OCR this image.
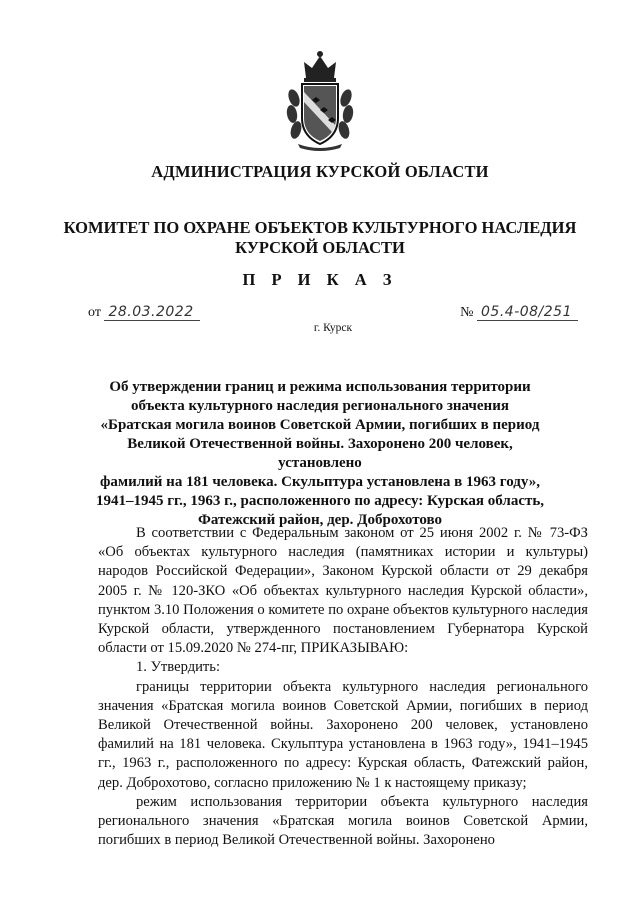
АДМИНИСТРАЦИЯ КУРСКОЙ ОБЛАСТИ
КОМИТЕТ ПО ОХРАНЕ ОБЪЕКТОВ КУЛЬТУРНОГО НАСЛЕДИЯ
КУРСКОЙ ОБЛАСТИ
П Р И К А З
от 28.03.2022	№ 05.4-08/251
г. Курск
Об утверждении границ и режима использования территории
объекта культурного наследия регионального значения
«Братская могила воинов Советской Армии, погибших в период
Великой Отечественной войны. Захоронено 200 человек, установлено
фамилий на 181 человека. Скульптура установлена в 1963 году»,
1941–1945 гг., 1963 г., расположенного по адресу: Курская область,
Фатежский район, дер. Доброхотово

В соответствии с Федеральным законом от 25 июня 2002 г. № 73-ФЗ «Об объектах культурного наследия (памятниках истории и культуры) народов Российской Федерации», Законом Курской области от 29 декабря 2005 г. № 120-ЗКО «Об объектах культурного наследия Курской области», пунктом 3.10 Положения о комитете по охране объектов культурного наследия Курской области, утвержденного постановлением Губернатора Курской области от 15.09.2020 № 274-пг, ПРИКАЗЫВАЮ:

1. Утвердить:

границы территории объекта культурного наследия регионального значения «Братская могила воинов Советской Армии, погибших в период Великой Отечественной войны. Захоронено 200 человек, установлено фамилий на 181 человека. Скульптура установлена в 1963 году», 1941–1945 гг., 1963 г., расположенного по адресу: Курская область, Фатежский район, дер. Доброхотово, согласно приложению № 1 к настоящему приказу;

режим использования территории объекта культурного наследия регионального значения «Братская могила воинов Советской Армии, погибших в период Великой Отечественной войны. Захоронено
